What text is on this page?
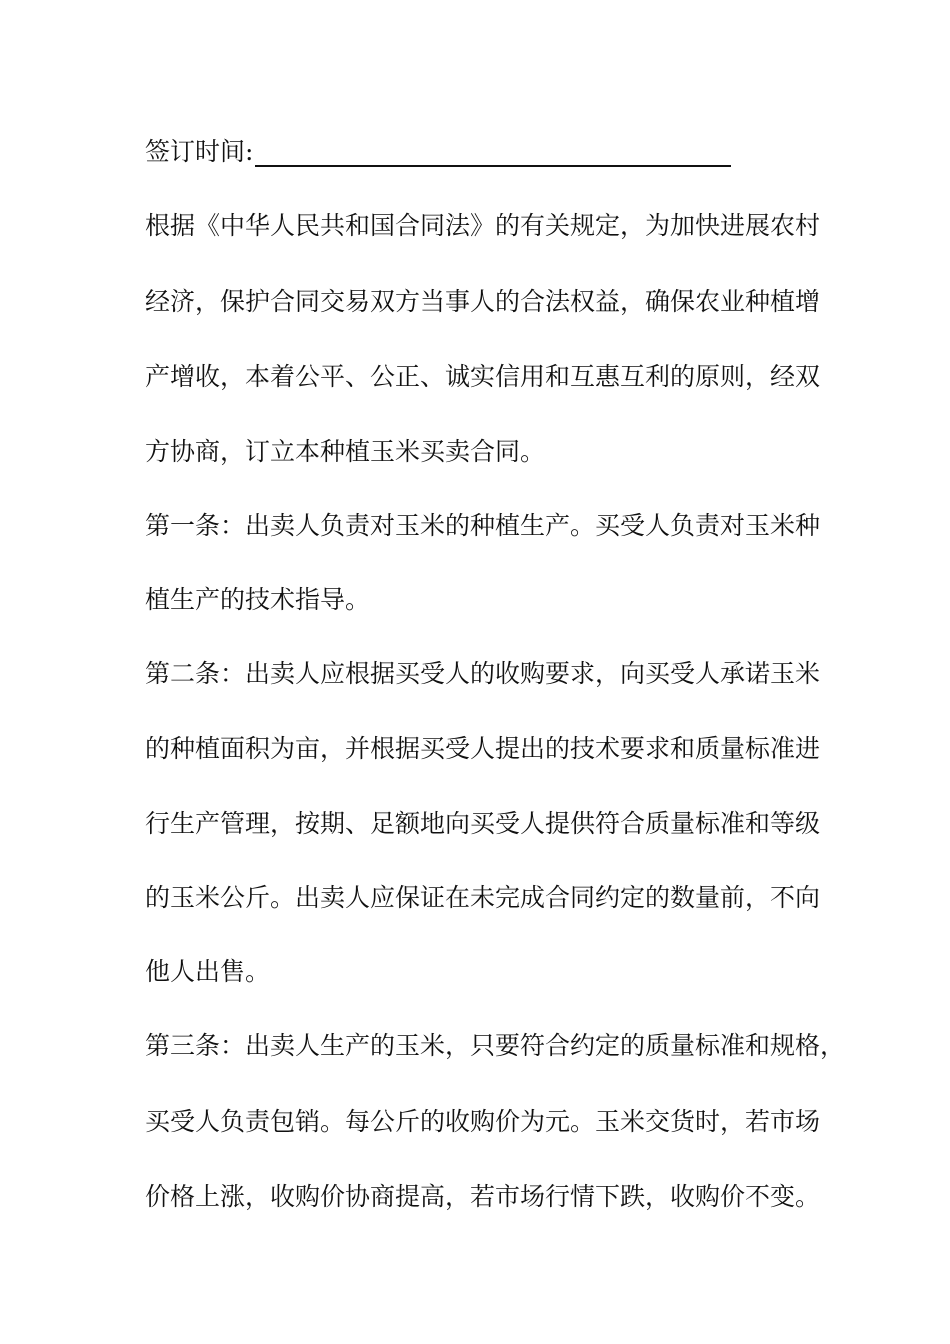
签订时间:
根据《中华人民共和国合同法》的有关规定，为加快进展农村
经济，保护合同交易双方当事人的合法权益，确保农业种植增
产增收，本着公平、公正、诚实信用和互惠互利的原则，经双
方协商，订立本种植玉米买卖合同。
第一条：出卖人负责对玉米的种植生产。买受人负责对玉米种
植生产的技术指导。
第二条：出卖人应根据买受人的收购要求，向买受人承诺玉米
的种植面积为亩，并根据买受人提出的技术要求和质量标准进
行生产管理，按期、足额地向买受人提供符合质量标准和等级
的玉米公斤。出卖人应保证在未完成合同约定的数量前，不向
他人出售。
第三条：出卖人生产的玉米，只要符合约定的质量标准和规格，
买受人负责包销。每公斤的收购价为元。玉米交货时，若市场
价格上涨，收购价协商提高，若市场行情下跌，收购价不变。
